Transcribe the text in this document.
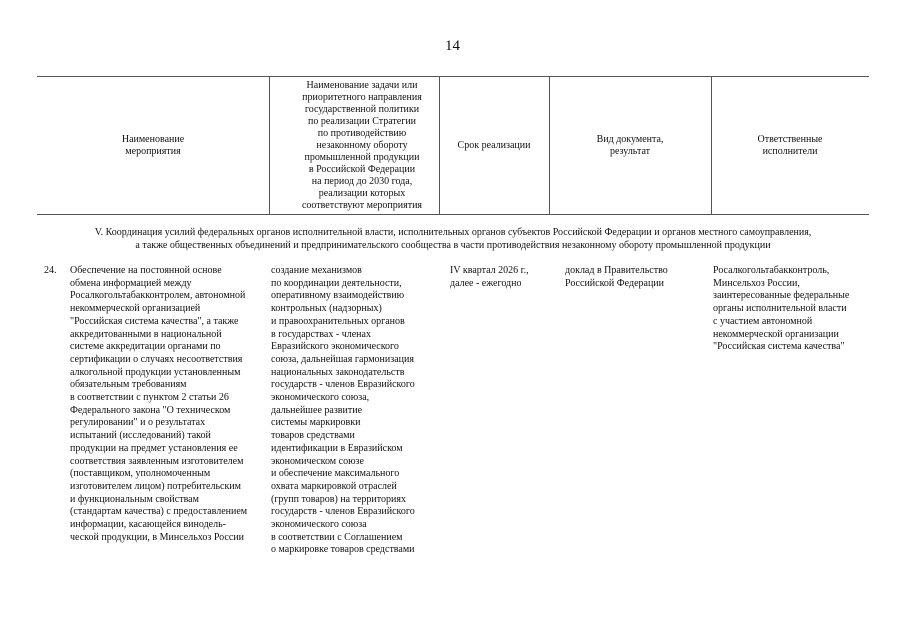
14
Наименование
мероприятия
Наименование задачи или
приоритетного направления
государственной политики
по реализации Стратегии
по противодействию
незаконному обороту
промышленной продукции
в Российской Федерации
на период до 2030 года,
реализации которых
соответствуют мероприятия
Срок реализации
Вид документа,
результат
Ответственные
исполнители
V. Координация усилий федеральных органов исполнительной власти, исполнительных органов субъектов Российской Федерации и органов местного самоуправления,
а также общественных объединений и предпринимательского сообщества в части противодействия незаконному обороту промышленной продукции
24. Обеспечение на постоянной основе
обмена информацией между
Росалкогольтабакконтролем, автономной
некоммерческой организацией
"Российская система качества", а также
аккредитованными в национальной
системе аккредитации органами по
сертификации о случаях несоответствия
алкогольной продукции установленным
обязательным требованиям
в соответствии с пунктом 2 статьи 26
Федерального закона "О техническом
регулировании" и о результатах
испытаний (исследований) такой
продукции на предмет установления ее
соответствия заявленным изготовителем
(поставщиком, уполномоченным
изготовителем лицом) потребительским
и функциональным свойствам
(стандартам качества) с предоставлением
информации, касающейся винодель-
ческой продукции, в Минсельхоз России
создание механизмов
по координации деятельности,
оперативному взаимодействию
контрольных (надзорных)
и правоохранительных органов
в государствах - членах
Евразийского экономического
союза, дальнейшая гармонизация
национальных законодательств
государств - членов Евразийского
экономического союза,
дальнейшее развитие
системы маркировки
товаров средствами
идентификации в Евразийском
экономическом союзе
и обеспечение максимального
охвата маркировкой отраслей
(групп товаров) на территориях
государств - членов Евразийского
экономического союза
в соответствии с Соглашением
о маркировке товаров средствами
IV квартал 2026 г.,
далее - ежегодно
доклад в Правительство
Российской Федерации
Росалкогольтабакконтроль,
Минсельхоз России,
заинтересованные федеральные
органы исполнительной власти
с участием автономной
некоммерческой организации
"Российская система качества"
